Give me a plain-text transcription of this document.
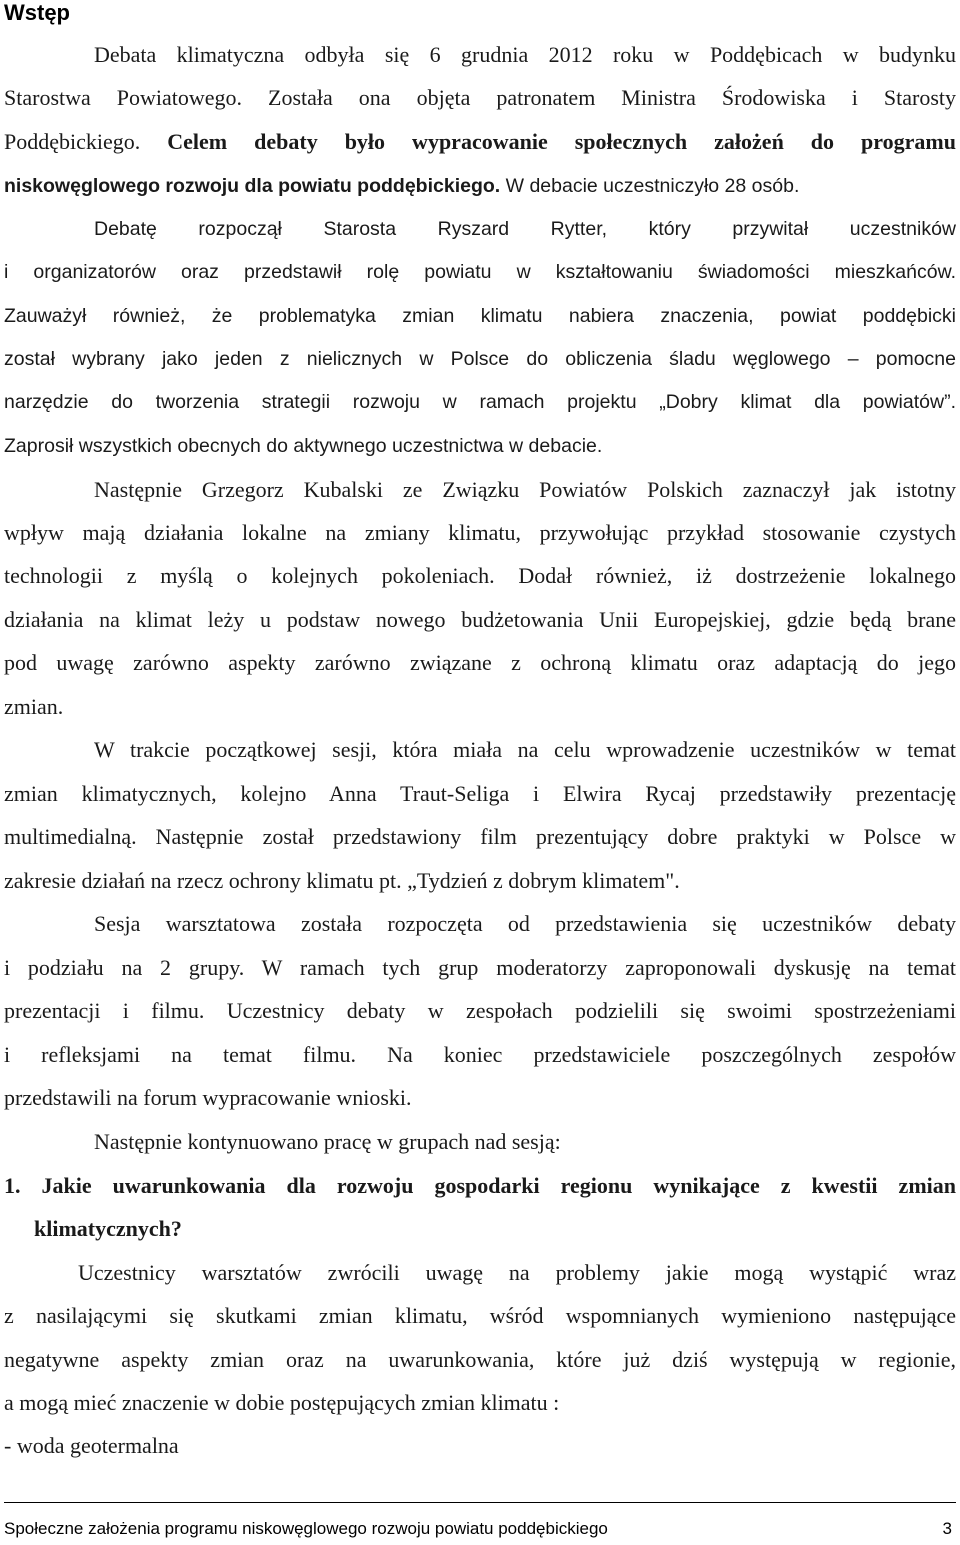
Wstęp
Debata klimatyczna odbyła się 6 grudnia 2012 roku w Poddębicach w budynku
Starostwa Powiatowego. Została ona objęta patronatem Ministra Środowiska i Starosty
Poddębickiego. Celem debaty było wypracowanie społecznych założeń do programu
niskowęglowego rozwoju dla powiatu poddębickiego. W debacie uczestniczyło 28 osób.
Debatę rozpoczął Starosta Ryszard Rytter, który przywitał uczestników
i organizatorów oraz przedstawił rolę powiatu w kształtowaniu świadomości mieszkańców.
Zauważył również, że problematyka zmian klimatu nabiera znaczenia, powiat poddębicki
został wybrany jako jeden z nielicznych w Polsce do obliczenia śladu węglowego – pomocne
narzędzie do tworzenia strategii rozwoju w ramach projektu „Dobry klimat dla powiatów”.
Zaprosił wszystkich obecnych do aktywnego uczestnictwa w debacie.
Następnie Grzegorz Kubalski ze Związku Powiatów Polskich zaznaczył jak istotny
wpływ mają działania lokalne na zmiany klimatu, przywołując przykład stosowanie czystych
technologii z myślą o kolejnych pokoleniach. Dodał również, iż dostrzeżenie lokalnego
działania na klimat leży u podstaw nowego budżetowania Unii Europejskiej, gdzie będą brane
pod uwagę zarówno aspekty zarówno związane z ochroną klimatu oraz adaptacją do jego
zmian.
W trakcie początkowej sesji, która miała na celu wprowadzenie uczestników w temat
zmian klimatycznych, kolejno Anna Traut-Seliga i Elwira Rycaj przedstawiły prezentację
multimedialną. Następnie został przedstawiony film prezentujący dobre praktyki w Polsce w
zakresie działań na rzecz ochrony klimatu pt. „Tydzień z dobrym klimatem".
Sesja warsztatowa została rozpoczęta od przedstawienia się uczestników debaty
i podziału na 2 grupy. W ramach tych grup moderatorzy zaproponowali dyskusję na temat
prezentacji i filmu. Uczestnicy debaty w zespołach podzielili się swoimi spostrzeżeniami
i refleksjami na temat filmu. Na koniec przedstawiciele poszczególnych zespołów
przedstawili na forum wypracowanie wnioski.
Następnie kontynuowano pracę w grupach nad sesją:
1. Jakie uwarunkowania dla rozwoju gospodarki regionu wynikające z kwestii zmian
klimatycznych?
Uczestnicy warsztatów zwrócili uwagę na problemy jakie mogą wystąpić wraz
z nasilającymi się skutkami zmian klimatu, wśród wspomnianych wymieniono następujące
negatywne aspekty zmian oraz na uwarunkowania, które już dziś występują w regionie,
a mogą mieć znaczenie w dobie postępujących zmian klimatu :
- woda geotermalna
Społeczne założenia programu niskowęglowego rozwoju powiatu poddębickiego	3
